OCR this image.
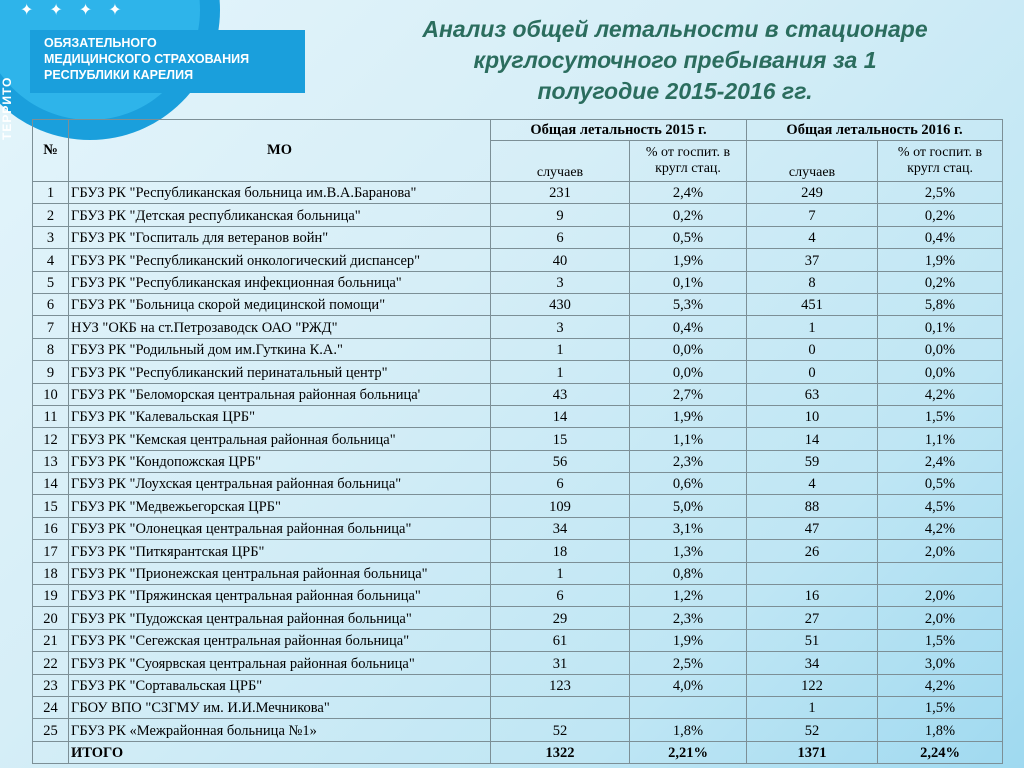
✦ ✦ ✦ ✦
ТЕРРИТО
ОБЯЗАТЕЛЬНОГО
МЕДИЦИНСКОГО СТРАХОВАНИЯ
РЕСПУБЛИКИ КАРЕЛИЯ
Анализ общей летальности в стационаре
круглосуточного пребывания за 1
полугодие 2015-2016 гг.
№	МО	Общая летальность 2015 г.		Общая летальность 2016 г.	
		случаев	% от госпит. в кругл стац.	случаев	% от госпит. в кругл стац.
1	ГБУЗ РК "Республиканская больница им.В.А.Баранова"	231	2,4%	249	2,5%
2	ГБУЗ РК "Детская республиканская больница"	9	0,2%	7	0,2%
3	ГБУЗ РК "Госпиталь для ветеранов войн"	6	0,5%	4	0,4%
4	ГБУЗ РК "Республиканский онкологический диспансер"	40	1,9%	37	1,9%
5	ГБУЗ РК "Республиканская инфекционная больница"	3	0,1%	8	0,2%
6	ГБУЗ РК "Больница скорой медицинской помощи"	430	5,3%	451	5,8%
7	НУЗ "ОКБ на ст.Петрозаводск ОАО "РЖД"	3	0,4%	1	0,1%
8	ГБУЗ РК "Родильный дом им.Гуткина К.А."	1	0,0%	0	0,0%
9	ГБУЗ РК "Республиканский перинатальный центр"	1	0,0%	0	0,0%
10	ГБУЗ РК "Беломорская центральная районная больница'	43	2,7%	63	4,2%
11	ГБУЗ РК "Калевальская ЦРБ"	14	1,9%	10	1,5%
12	ГБУЗ РК "Кемская центральная районная больница"	15	1,1%	14	1,1%
13	ГБУЗ РК "Кондопожская ЦРБ"	56	2,3%	59	2,4%
14	ГБУЗ РК "Лоухская центральная районная больница"	6	0,6%	4	0,5%
15	ГБУЗ РК "Медвежьегорская ЦРБ"	109	5,0%	88	4,5%
16	ГБУЗ РК "Олонецкая центральная районная больница"	34	3,1%	47	4,2%
17	ГБУЗ РК "Питкярантская ЦРБ"	18	1,3%	26	2,0%
18	ГБУЗ РК "Прионежская центральная районная больница"	1	0,8%		
19	ГБУЗ РК "Пряжинская центральная районная больница"	6	1,2%	16	2,0%
20	ГБУЗ РК "Пудожская центральная районная больница"	29	2,3%	27	2,0%
21	ГБУЗ РК "Сегежская центральная районная больница"	61	1,9%	51	1,5%
22	ГБУЗ РК "Суоярвская центральная районная больница"	31	2,5%	34	3,0%
23	ГБУЗ РК "Сортавальская ЦРБ"	123	4,0%	122	4,2%
24	ГБОУ ВПО "СЗГМУ им. И.И.Мечникова"			1	1,5%
25	ГБУЗ РК «Межрайонная больница №1»	52	1,8%	52	1,8%
	ИТОГО	1322	2,21%	1371	2,24%
